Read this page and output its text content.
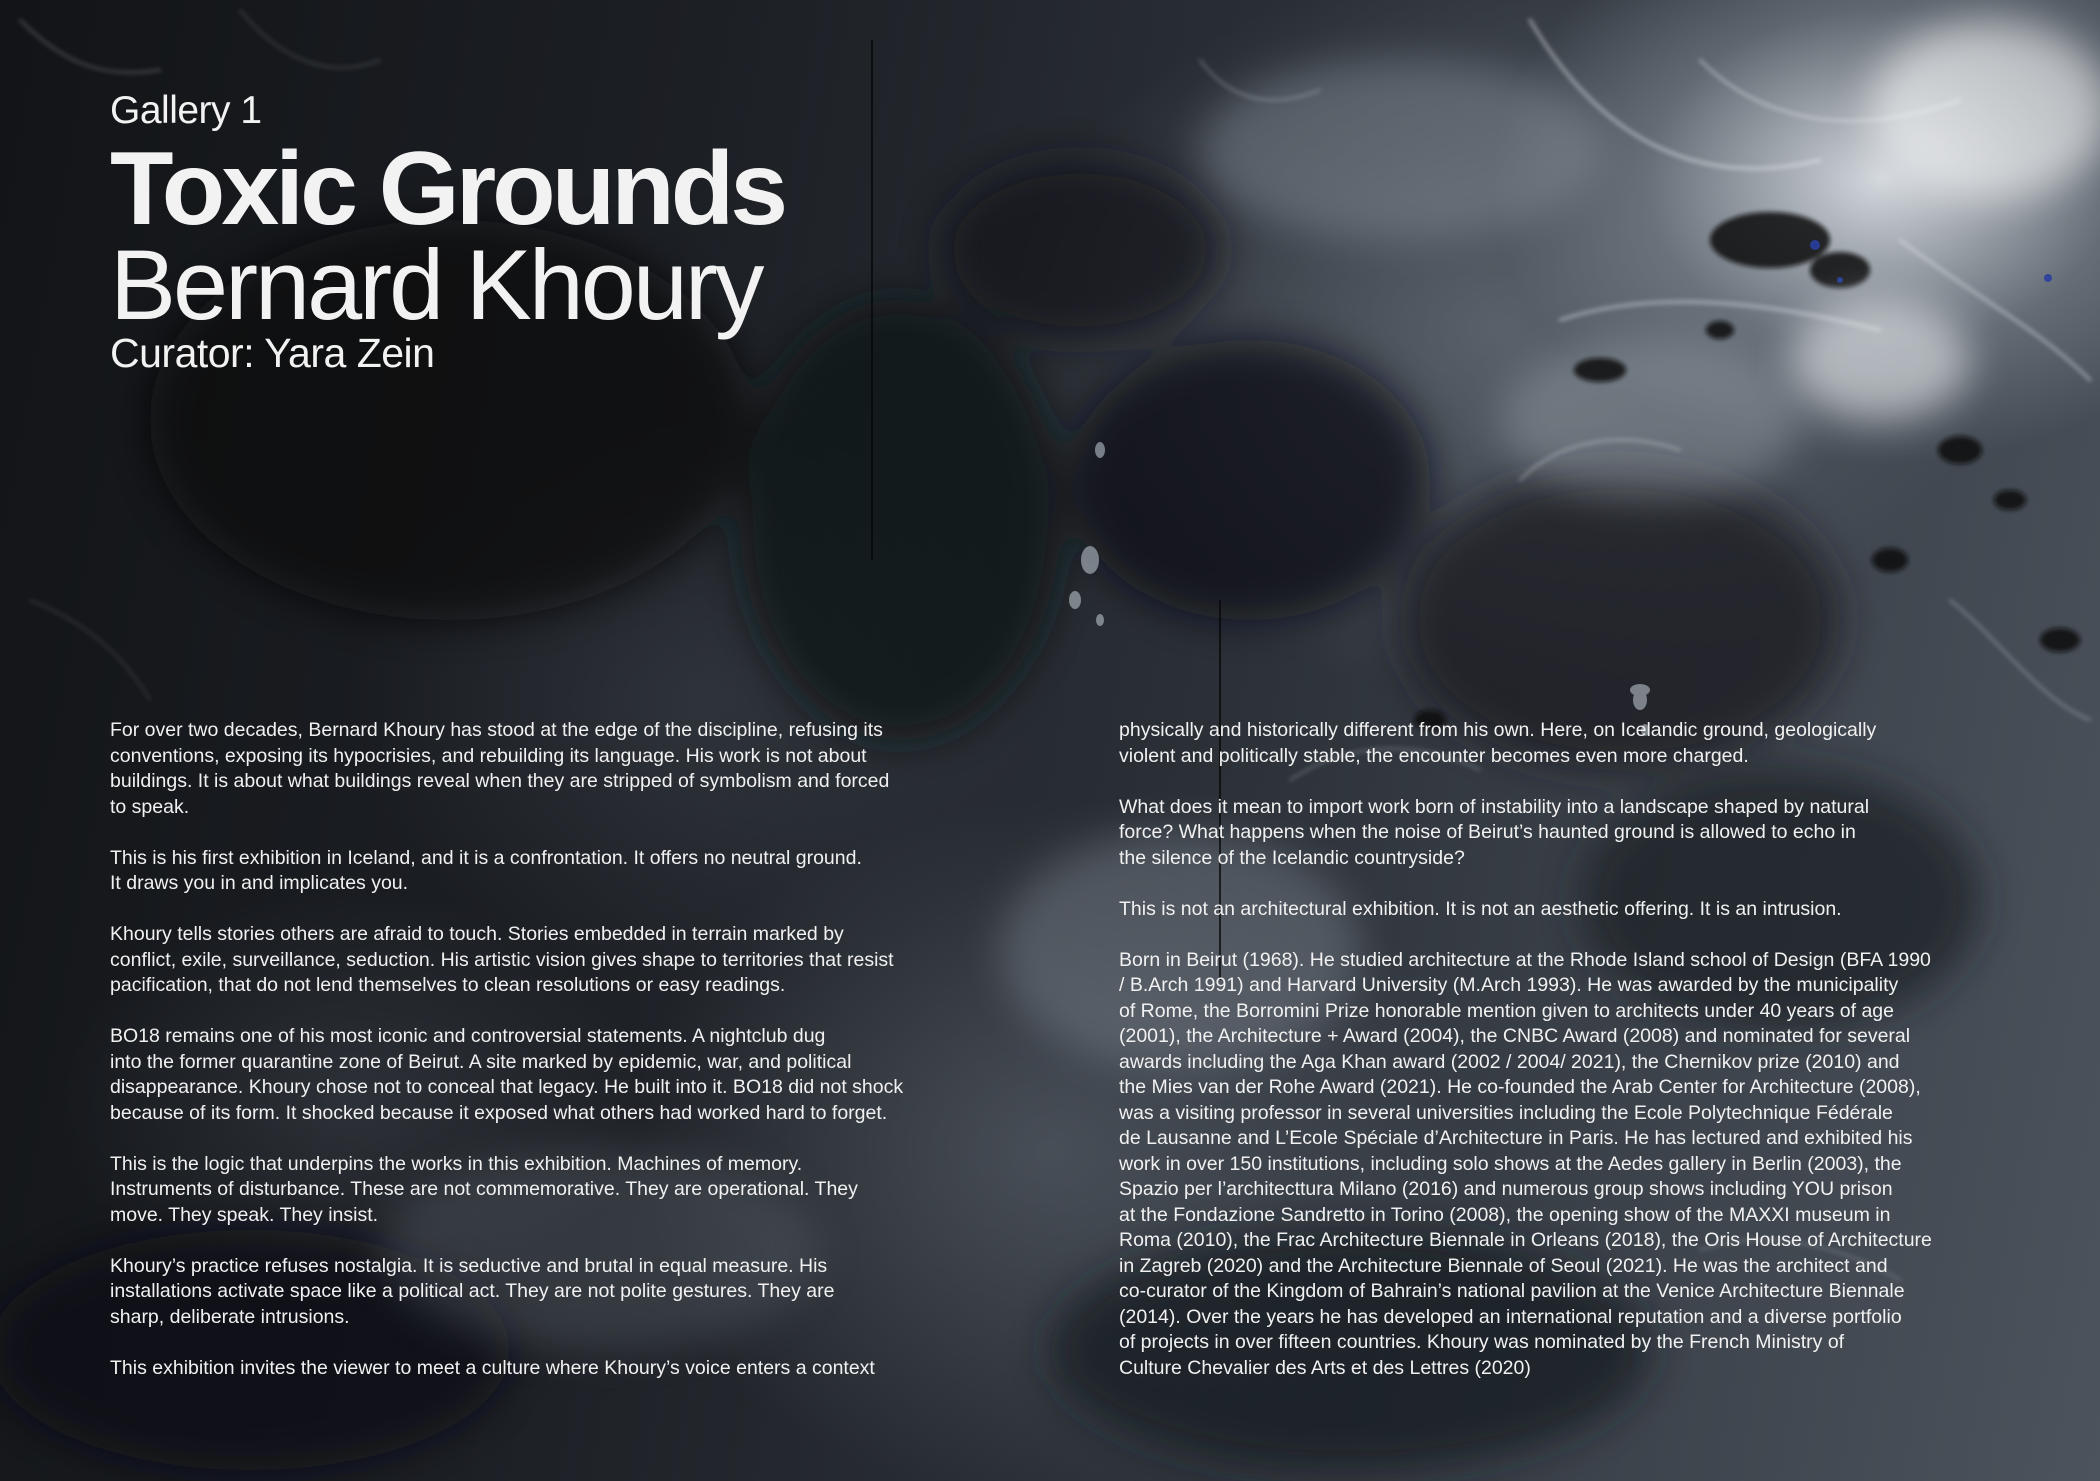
Gallery 1
Toxic Grounds
Bernard Khoury
Curator: Yara Zein

For over two decades, Bernard Khoury has stood at the edge of the discipline, refusing its
conventions, exposing its hypocrisies, and rebuilding its language. His work is not about
buildings. It is about what buildings reveal when they are stripped of symbolism and forced
to speak.

This is his first exhibition in Iceland, and it is a confrontation. It offers no neutral ground.
It draws you in and implicates you.

Khoury tells stories others are afraid to touch. Stories embedded in terrain marked by
conflict, exile, surveillance, seduction. His artistic vision gives shape to territories that resist
pacification, that do not lend themselves to clean resolutions or easy readings.

BO18 remains one of his most iconic and controversial statements. A nightclub dug
into the former quarantine zone of Beirut. A site marked by epidemic, war, and political
disappearance. Khoury chose not to conceal that legacy. He built into it. BO18 did not shock
because of its form. It shocked because it exposed what others had worked hard to forget.

This is the logic that underpins the works in this exhibition. Machines of memory.
Instruments of disturbance. These are not commemorative. They are operational. They
move. They speak. They insist.

Khoury’s practice refuses nostalgia. It is seductive and brutal in equal measure. His
installations activate space like a political act. They are not polite gestures. They are
sharp, deliberate intrusions.

This exhibition invites the viewer to meet a culture where Khoury’s voice enters a context

physically and historically different from his own. Here, on Icelandic ground, geologically
violent and politically stable, the encounter becomes even more charged.

What does it mean to import work born of instability into a landscape shaped by natural
force? What happens when the noise of Beirut’s haunted ground is allowed to echo in
the silence of the Icelandic countryside?

This is not an architectural exhibition. It is not an aesthetic offering. It is an intrusion.

Born in Beirut (1968). He studied architecture at the Rhode Island school of Design (BFA 1990
/ B.Arch 1991) and Harvard University (M.Arch 1993). He was awarded by the municipality
of Rome, the Borromini Prize honorable mention given to architects under 40 years of age
(2001), the Architecture + Award (2004), the CNBC Award (2008) and nominated for several
awards including the Aga Khan award (2002 / 2004/ 2021), the Chernikov prize (2010) and
the Mies van der Rohe Award (2021). He co-founded the Arab Center for Architecture (2008),
was a visiting professor in several universities including the Ecole Polytechnique Fédérale
de Lausanne and L’Ecole Spéciale d’Architecture in Paris. He has lectured and exhibited his
work in over 150 institutions, including solo shows at the Aedes gallery in Berlin (2003), the
Spazio per l’architecttura Milano (2016) and numerous group shows including YOU prison
at the Fondazione Sandretto in Torino (2008), the opening show of the MAXXI museum in
Roma (2010), the Frac Architecture Biennale in Orleans (2018), the Oris House of Architecture
in Zagreb (2020) and the Architecture Biennale of Seoul (2021). He was the architect and
co-curator of the Kingdom of Bahrain’s national pavilion at the Venice Architecture Biennale
(2014). Over the years he has developed an international reputation and a diverse portfolio
of projects in over fifteen countries. Khoury was nominated by the French Ministry of
Culture Chevalier des Arts et des Lettres (2020)
